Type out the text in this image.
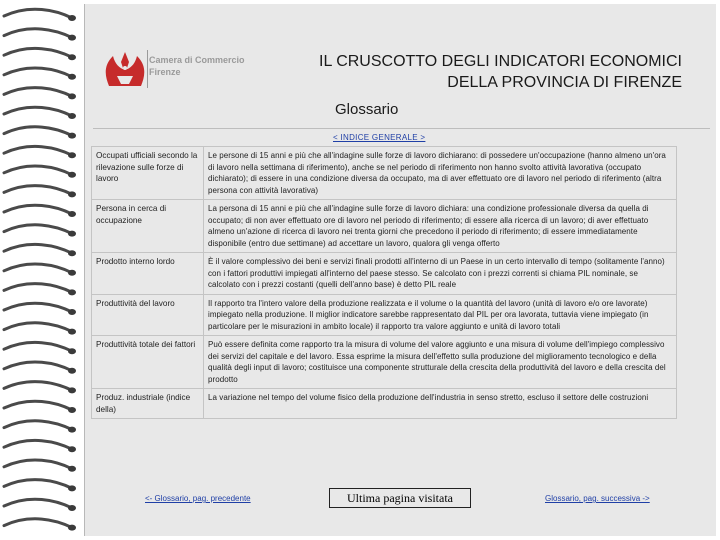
Camera di Commercio
Firenze
IL CRUSCOTTO DEGLI INDICATORI ECONOMICI
DELLA PROVINCIA DI FIRENZE
Glossario
< INDICE GENERALE >
Occupati ufficiali secondo la rilevazione sulle forze di lavoro	Le persone di 15 anni e più che all'indagine sulle forze di lavoro dichiarano: di possedere un'occupazione (hanno almeno un'ora di lavoro nella settimana di riferimento), anche se nel periodo di riferimento non hanno svolto attività lavorativa (occupato dichiarato); di essere in una condizione diversa da occupato, ma di aver effettuato ore di lavoro nel periodo di riferimento (altra persona con attività lavorativa)
Persona in cerca di occupazione	La persona di 15 anni e più che all'indagine sulle forze di lavoro dichiara: una condizione professionale diversa da quella di occupato; di non aver effettuato ore di lavoro nel periodo di riferimento; di essere alla ricerca di un lavoro; di aver effettuato almeno un'azione di ricerca di lavoro nei trenta giorni che precedono il periodo di riferimento; di essere immediatamente disponibile (entro due settimane) ad accettare un lavoro, qualora gli venga offerto
Prodotto interno lordo	È il valore complessivo dei beni e servizi finali prodotti all'interno di un Paese in un certo intervallo di tempo (solitamente l'anno) con i fattori produttivi impiegati all'interno del paese stesso. Se calcolato con i prezzi correnti si chiama PIL nominale, se calcolato con i prezzi costanti (quelli dell'anno base) è detto PIL reale
Produttività del lavoro	Il rapporto tra l'intero valore della produzione realizzata e il volume o la quantità del lavoro (unità di lavoro e/o ore lavorate) impiegato nella produzione. Il miglior indicatore sarebbe rappresentato dal PIL per ora lavorata, tuttavia viene impiegato (in particolare per le misurazioni in ambito locale) il rapporto tra valore aggiunto e unità di lavoro totali
Produttività totale dei fattori	Può essere definita come rapporto tra la misura di volume del valore aggiunto e una misura di volume dell'impiego complessivo dei servizi del capitale e del lavoro. Essa esprime la misura dell'effetto sulla produzione del miglioramento tecnologico e della qualità degli input di lavoro; costituisce una componente strutturale della crescita della produttività del lavoro e della crescita del prodotto
Produz. industriale (indice della)	La variazione nel tempo del volume fisico della produzione dell'industria in senso stretto, escluso il settore delle costruzioni
<- Glossario, pag. precedente	Ultima pagina visitata	Glossario, pag. successiva ->
